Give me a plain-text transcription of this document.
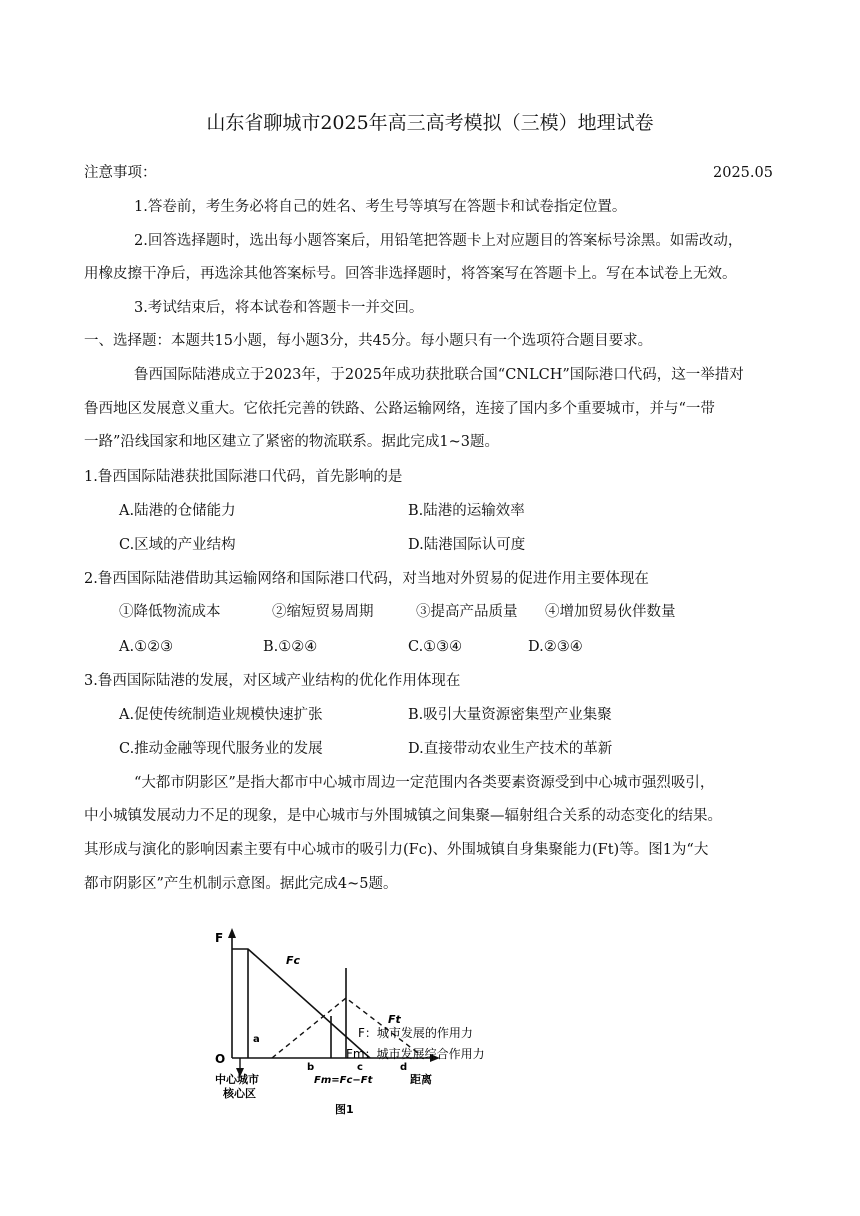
山东省聊城市2025年高三高考模拟（三模）地理试卷
注意事项：	2025.05
1.答卷前，考生务必将自己的姓名、考生号等填写在答题卡和试卷指定位置。
2.回答选择题时，选出每小题答案后，用铅笔把答题卡上对应题目的答案标号涂黑。如需改动，
用橡皮擦干净后，再选涂其他答案标号。回答非选择题时，将答案写在答题卡上。写在本试卷上无效。
3.考试结束后，将本试卷和答题卡一并交回。
一、选择题：本题共15小题，每小题3分，共45分。每小题只有一个选项符合题目要求。
鲁西国际陆港成立于2023年，于2025年成功获批联合国“CNLCH”国际港口代码，这一举措对
鲁西地区发展意义重大。它依托完善的铁路、公路运输网络，连接了国内多个重要城市，并与“一带
一路”沿线国家和地区建立了紧密的物流联系。据此完成1~3题。
1.鲁西国际陆港获批国际港口代码，首先影响的是
A.陆港的仓储能力	B.陆港的运输效率
C.区域的产业结构	D.陆港国际认可度
2.鲁西国际陆港借助其运输网络和国际港口代码，对当地对外贸易的促进作用主要体现在
①降低物流成本	②缩短贸易周期	③提高产品质量 ④增加贸易伙伴数量
A.①②③	B.①②④	C.①③④	D.②③④
3.鲁西国际陆港的发展，对区域产业结构的优化作用体现在
A.促使传统制造业规模快速扩张	B.吸引大量资源密集型产业集聚
C.推动金融等现代服务业的发展	D.直接带动农业生产技术的革新
“大都市阴影区”是指大都市中心城市周边一定范围内各类要素资源受到中心城市强烈吸引，
中小城镇发展动力不足的现象，是中心城市与外围城镇之间集聚—辐射组合关系的动态变化的结果。
其形成与演化的影响因素主要有中心城市的吸引力(Fc)、外围城镇自身集聚能力(Ft)等。图1为“大
都市阴影区”产生机制示意图。据此完成4~5题。
F
O
Fc
Ft
a
b	c	d
Fm=Fc−Ft	距离
中心城市
核心区
F：城市发展的作用力
Fm：城市发展综合作用力
图1
